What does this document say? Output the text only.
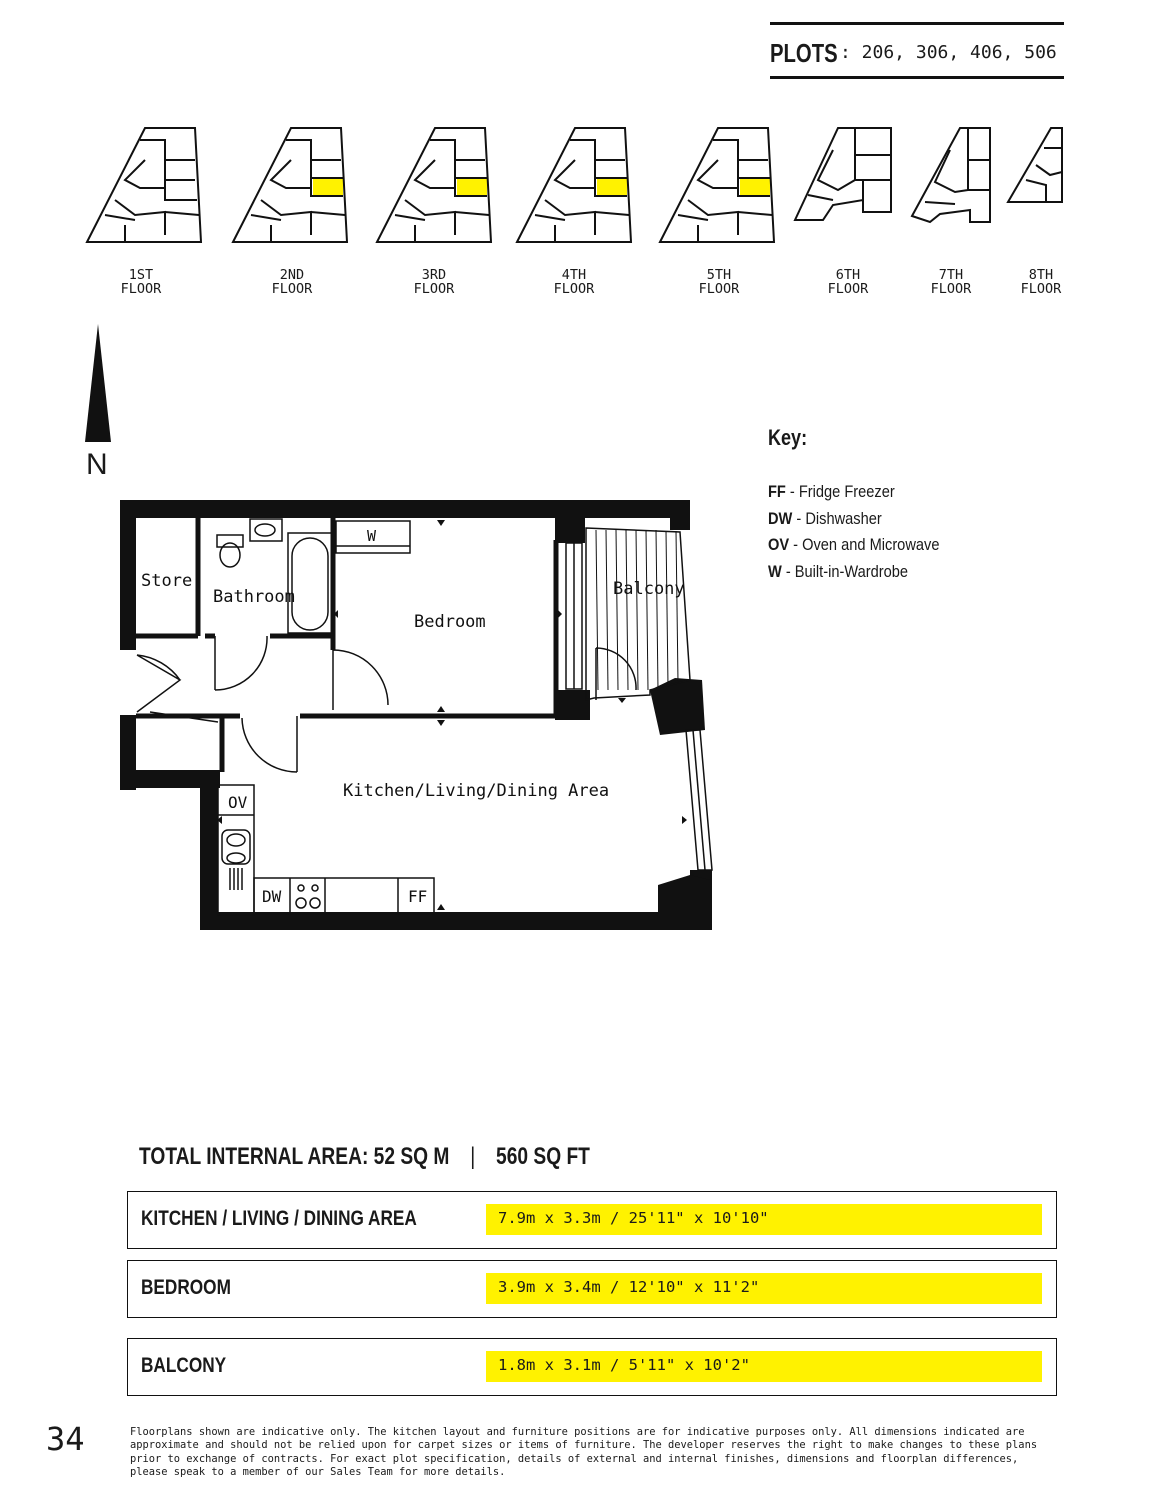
PLOTS : 206, 306, 406, 506
1ST
FLOOR
2ND
FLOOR
3RD
FLOOR
4TH
FLOOR
5TH
FLOOR
6TH
FLOOR
7TH
FLOOR
8TH
FLOOR
N
Key:
FF - Fridge Freezer
DW - Dishwasher
OV - Oven and Microwave
W - Built-in-Wardrobe
Store
Bathroom
Bedroom
Balcony
Kitchen/Living/Dining Area
W
OV
DW	FF
TOTAL INTERNAL AREA: 52 SQ M | 560 SQ FT
KITCHEN / LIVING / DINING AREA	7.9m x 3.3m / 25'11" x 10'10"
BEDROOM	3.9m x 3.4m / 12'10" x 11'2"
BALCONY	1.8m x 3.1m / 5'11" x 10'2"
34	Floorplans shown are indicative only. The kitchen layout and furniture positions are for indicative purposes only. All dimensions indicated are approximate and should not be relied upon for carpet sizes or items of furniture. The developer reserves the right to make changes to these plans prior to exchange of contracts. For exact plot specification, details of external and internal finishes, dimensions and floorplan differences, please speak to a member of our Sales Team for more details.
